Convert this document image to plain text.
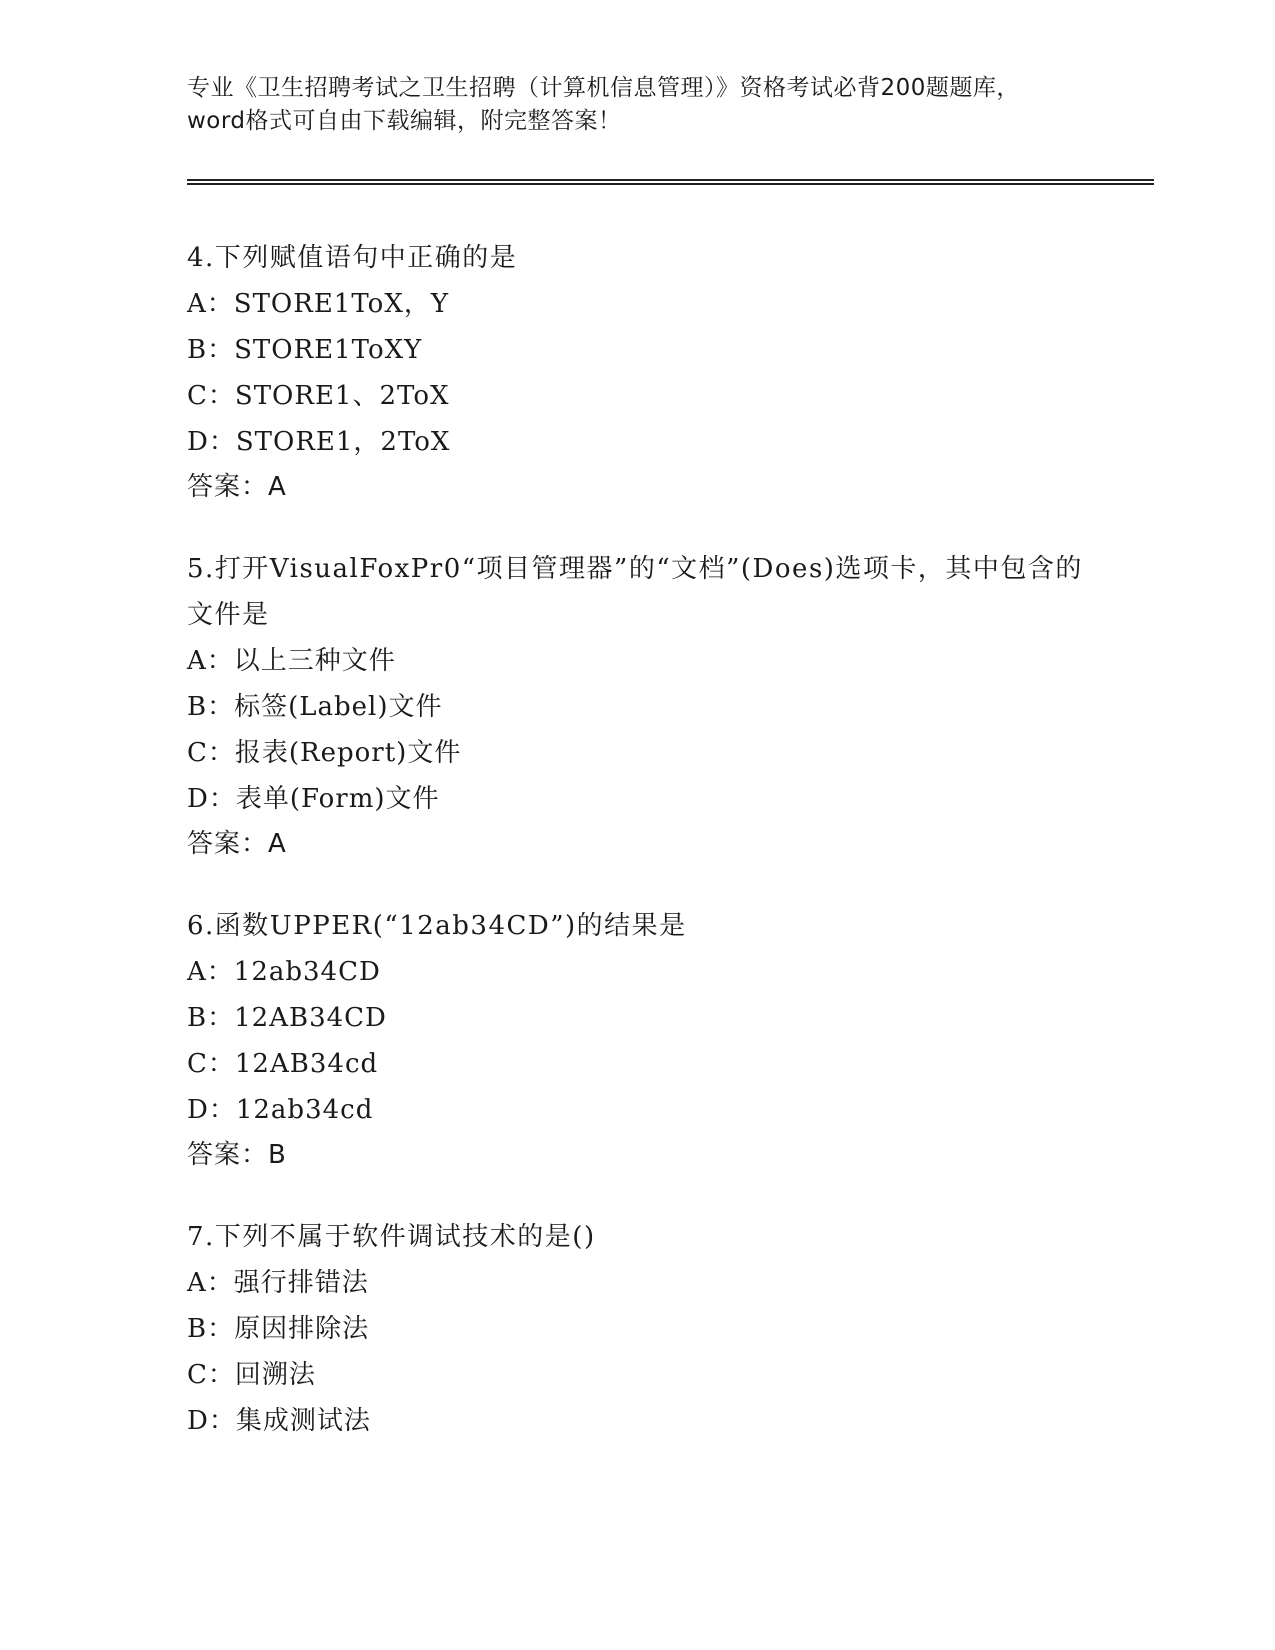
专业《卫生招聘考试之卫生招聘（计算机信息管理）》资格考试必背200题题库，
word格式可自由下载编辑，附完整答案！
4.下列赋值语句中正确的是
A：STORE1ToX，Y
B：STORE1ToXY
C：STORE1、2ToX
D：STORE1，2ToX
答案：A
5.打开VisualFoxPr0“项目管理器”的“文档”(Does)选项卡，其中包含的文件是
A：以上三种文件
B：标签(Label)文件
C：报表(Report)文件
D：表单(Form)文件
答案：A
6.函数UPPER(“12ab34CD”)的结果是
A：12ab34CD
B：12AB34CD
C：12AB34cd
D：12ab34cd
答案：B
7.下列不属于软件调试技术的是()
A：强行排错法
B：原因排除法
C：回溯法
D：集成测试法
